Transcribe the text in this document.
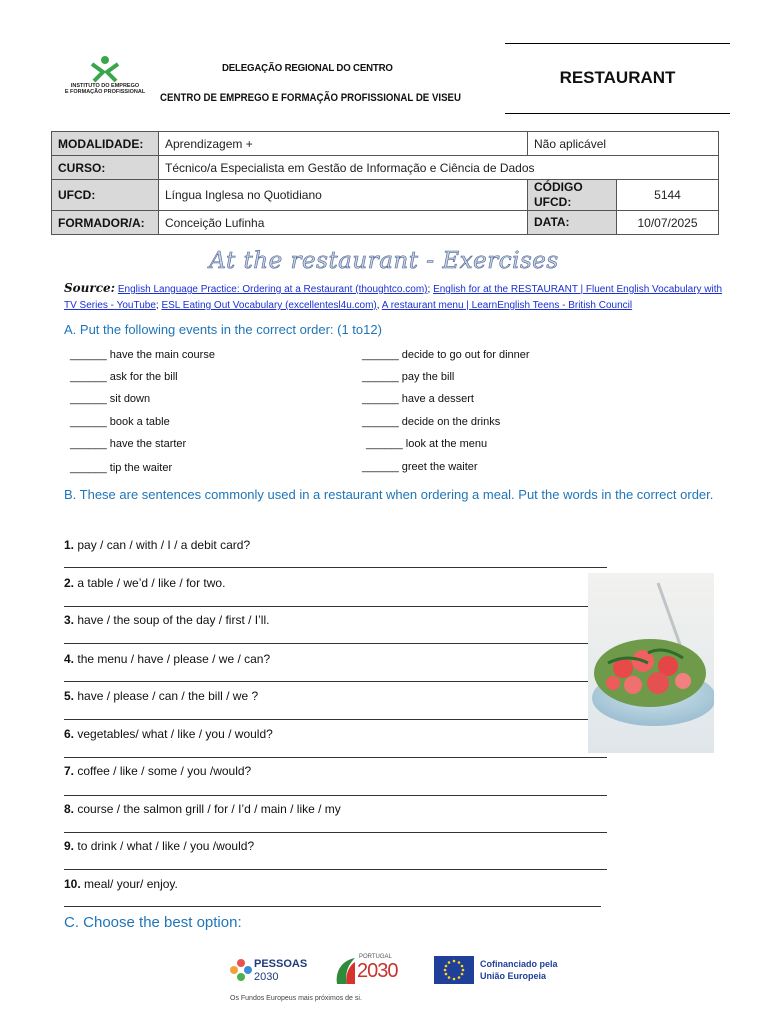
INSTITUTO DO EMPREGO
E FORMAÇÃO PROFISSIONAL
DELEGAÇÃO REGIONAL DO CENTRO
CENTRO DE EMPREGO E FORMAÇÃO PROFISSIONAL DE VISEU
RESTAURANT
MODALIDADE:	Aprendizagem +	Não aplicável	
CURSO:	Técnico/a Especialista em Gestão de Informação e Ciência de Dados		
UFCD:	Língua Inglesa no Quotidiano	CÓDIGO UFCD:	5144
FORMADOR/A:	Conceição Lufinha	DATA:	10/07/2025
At the restaurant - Exercises
Source: English Language Practice: Ordering at a Restaurant (thoughtco.com); English for at the RESTAURANT | Fluent English Vocabulary with TV Series - YouTube; ESL Eating Out Vocabulary (excellentesl4u.com), A restaurant menu | LearnEnglish Teens - British Council
A. Put the following events in the correct order: (1 to12)
______ have the main course
______ ask for the bill
______ sit down
______ book a table
______ have the starter
______ tip the waiter
______ decide to go out for dinner
______ pay the bill
______ have a dessert
______ decide on the drinks
______ look at the menu
______ greet the waiter
B. These are sentences commonly used in a restaurant when ordering a meal. Put the words in the correct order.
1. pay / can / with / I / a debit card?
2. a table / we’d / like / for two.
3. have / the soup of the day / first / I’ll.
4. the menu / have / please / we / can?
5. have / please / can / the bill / we ?
6. vegetables/ what / like / you / would?
7. coffee / like / some / you /would?
8. course / the salmon grill / for / I’d / main / like / my
9. to drink / what / like / you /would?
10. meal/ your/ enjoy.
C. Choose the best option:
PESSOAS
2030
PORTUGAL
2030	Cofinanciado pela
União Europeia
Os Fundos Europeus mais próximos de si.
